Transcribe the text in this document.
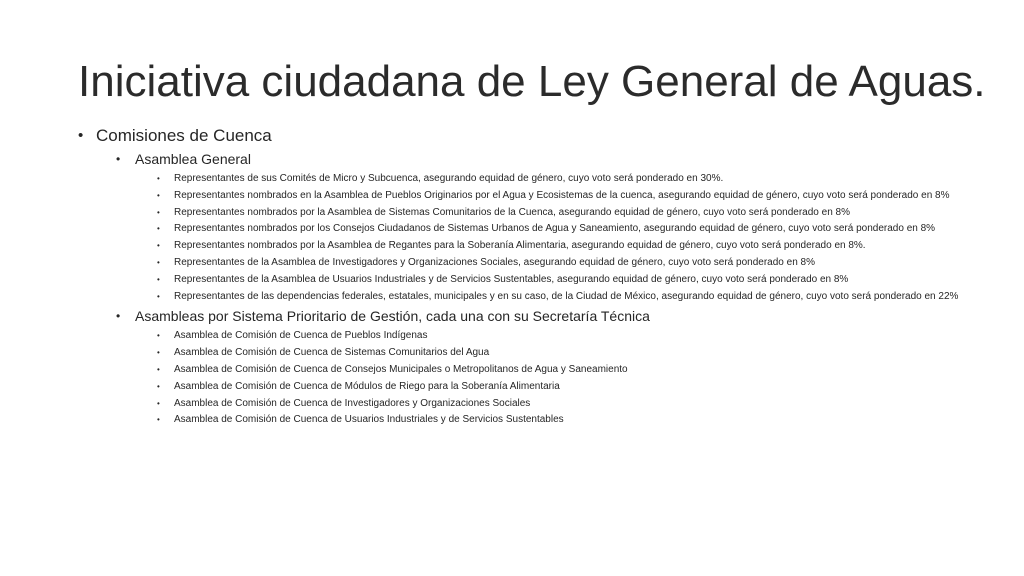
Iniciativa ciudadana de Ley General de Aguas.
• Comisiones de Cuenca
• Asamblea General
• Representantes de sus Comités de Micro y Subcuenca, asegurando equidad de género, cuyo voto será ponderado en 30%.
• Representantes nombrados en la Asamblea de Pueblos Originarios por el Agua y Ecosistemas de la cuenca, asegurando equidad de género, cuyo voto será ponderado en 8%
• Representantes nombrados por la Asamblea de Sistemas Comunitarios de la Cuenca, asegurando equidad de género, cuyo voto será ponderado en 8%
• Representantes nombrados por los Consejos Ciudadanos de Sistemas Urbanos de Agua y Saneamiento, asegurando equidad de género, cuyo voto será ponderado en 8%
• Representantes nombrados por la Asamblea de Regantes para la Soberanía Alimentaria, asegurando equidad de género, cuyo voto será ponderado en 8%.
• Representantes de la Asamblea de Investigadores y Organizaciones Sociales, asegurando equidad de género, cuyo voto será ponderado en 8%
• Representantes de la Asamblea de Usuarios Industriales y de Servicios Sustentables, asegurando equidad de género, cuyo voto será ponderado en 8%
• Representantes de las dependencias federales, estatales, municipales y en su caso, de la Ciudad de México, asegurando equidad de género, cuyo voto será ponderado en 22%
• Asambleas por Sistema Prioritario de Gestión, cada una con su Secretaría Técnica
• Asamblea de Comisión de Cuenca de Pueblos Indígenas
• Asamblea de Comisión de Cuenca de Sistemas Comunitarios del Agua
• Asamblea de Comisión de Cuenca de Consejos Municipales o Metropolitanos de Agua y Saneamiento
• Asamblea de Comisión de Cuenca de Módulos de Riego para la Soberanía Alimentaria
• Asamblea de Comisión de Cuenca de Investigadores y Organizaciones Sociales
• Asamblea de Comisión de Cuenca de Usuarios Industriales y de Servicios Sustentables
